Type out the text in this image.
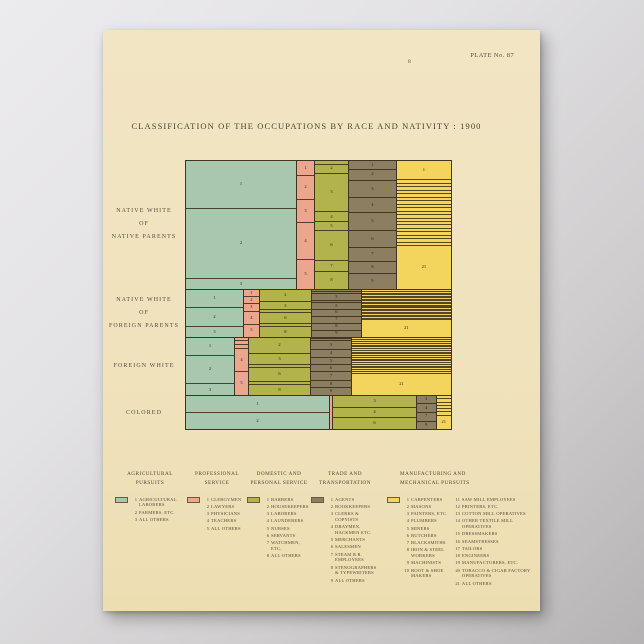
PLATE No. 87
8
CLASSIFICATION OF THE OCCUPATIONS BY RACE AND NATIVITY : 1900
NATIVE WHITE
OF
NATIVE PARENTS
NATIVE WHITE
OF
FOREIGN PARENTS
FOREIGN WHITE
COLORED
1
2
3
1
2
3
4
5
2
3
4
5
6
7
8
1
2
3
4
5
6
7
8
9
1
21
1
2
3
1
2
3
4
5
2
3
6
8
3
5
6
7
8
9
21
1
2
3
4
5
2
3
6
8
3
4
5
6
7
8
9
21
1
2
3
4
6
3
4
7
9
21
AGRICULTURAL
PURSUITS
1 AGRICULTURAL LABORERS
2 FARMERS, ETC.
3 ALL OTHERS
PROFESSIONAL
SERVICE
1 CLERGYMEN
2 LAWYERS
3 PHYSICIANS
4 TEACHERS
5 ALL OTHERS
DOMESTIC AND
PERSONAL SERVICE
1 BARBERS
2 HOUSEKEEPERS
3 LABORERS
4 LAUNDERERS
5 NURSES
6 SERVANTS
7 WATCHMEN, ETC.
8 ALL OTHERS
TRADE AND
TRANSPORTATION
1 AGENTS
2 BOOKKEEPERS
3 CLERKS & COPYISTS
4 DRAYMEN, HACKMEN ETC.
5 MERCHANTS
6 SALESMEN
7 STEAM R.R. EMPLOYEES
8 STENOGRAPHERS & TYPEWRITERS
9 ALL OTHERS
MANUFACTURING AND
MECHANICAL PURSUITS
1 CARPENTERS
2 MASONS
3 PAINTERS, ETC.
4 PLUMBERS
5 MINERS
6 BUTCHERS
7 BLACKSMITHS
8 IRON & STEEL WORKERS
9 MACHINISTS
10 BOOT & SHOE MAKERS
11 SAW MILL EMPLOYEES
12 PRINTERS, ETC.
13 COTTON MILL OPERATIVES
14 OTHER TEXTILE MILL OPERATIVES
15 DRESSMAKERS
16 SEAMSTRESSES
17 TAILORS
18 ENGINEERS
19 MANUFACTURERS, ETC.
20 TOBACCO & CIGAR FACTORY OPERATIVES
21 ALL OTHERS
